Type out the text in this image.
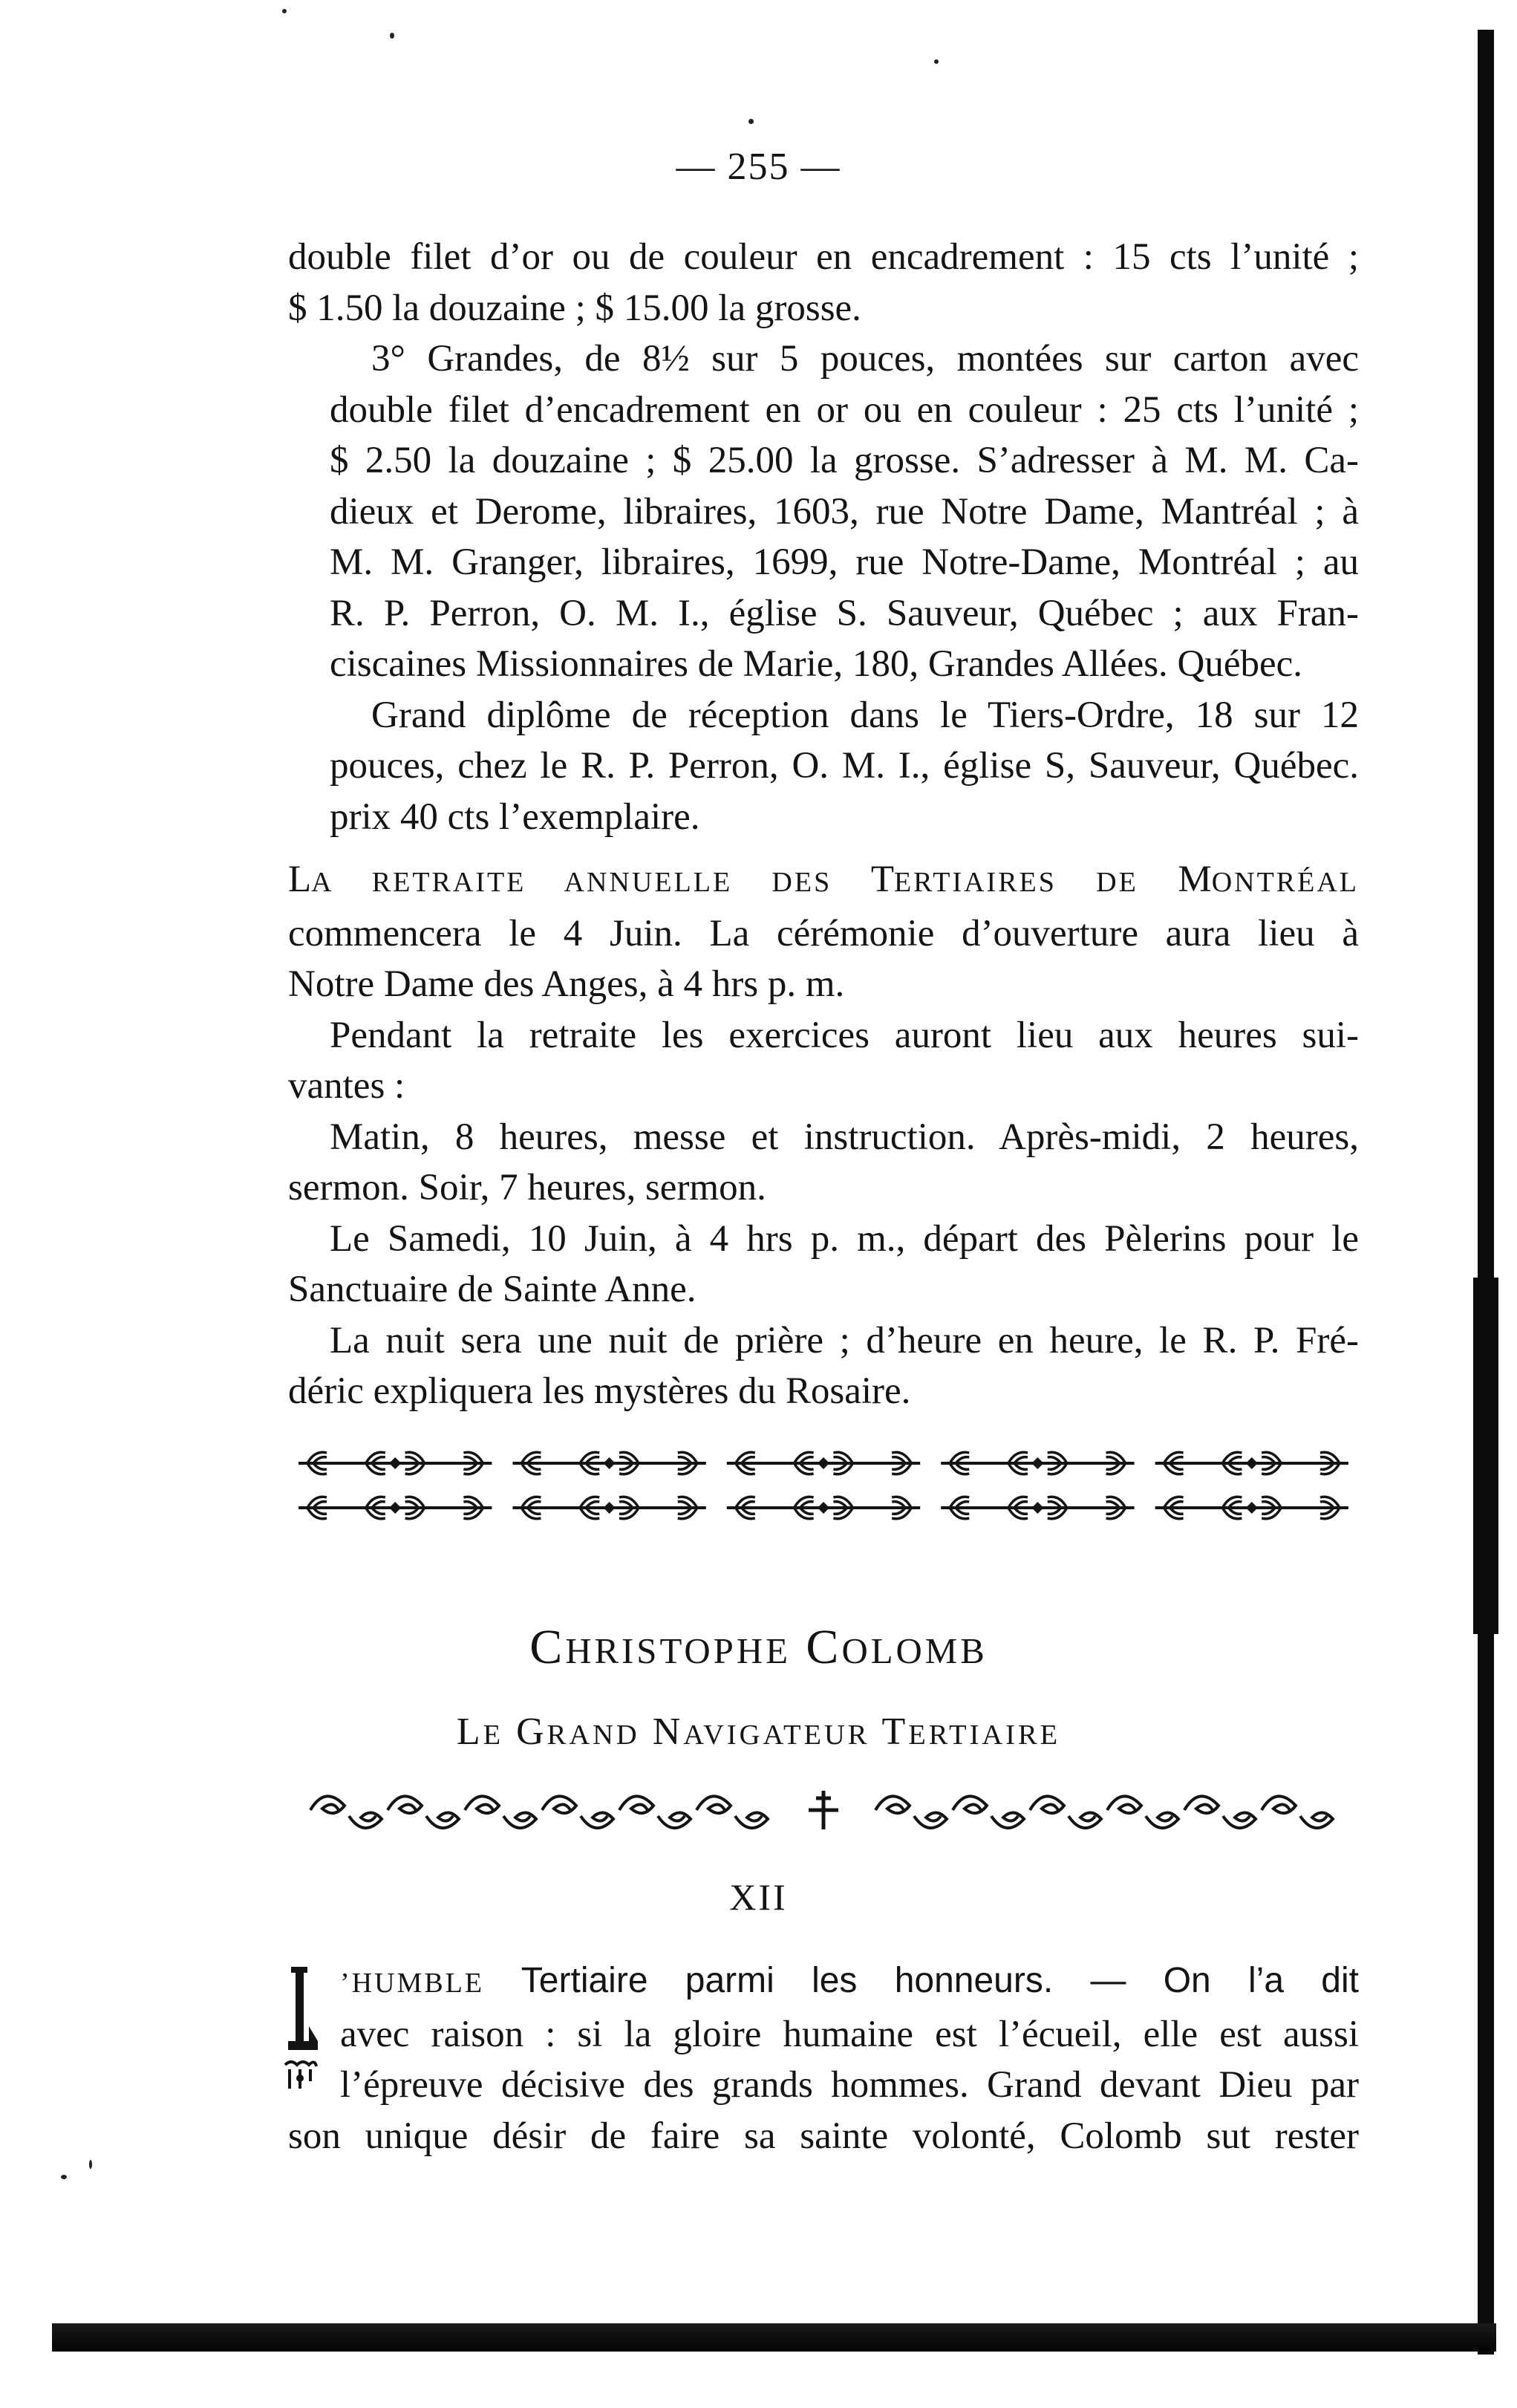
— 255 —

double filet d’or ou de couleur en encadrement : 15 cts l’unité ;
$ 1.50 la douzaine ; $ 15.00 la grosse.

3° Grandes, de 8½ sur 5 pouces, montées sur carton avec
double filet d’encadrement en or ou en couleur : 25 cts l’unité ;
$ 2.50 la douzaine ; $ 25.00 la grosse. S’adresser à M. M. Ca-
dieux et Derome, libraires, 1603, rue Notre Dame, Mantréal ; à
M. M. Granger, libraires, 1699, rue Notre-Dame, Montréal ; au
R. P. Perron, O. M. I., église S. Sauveur, Québec ; aux Fran-
ciscaines Missionnaires de Marie, 180, Grandes Allées. Québec.

Grand diplôme de réception dans le Tiers-Ordre, 18 sur 12
pouces, chez le R. P. Perron, O. M. I., église S, Sauveur, Québec.
prix 40 cts l’exemplaire.

LA RETRAITE ANNUELLE DES TERTIAIRES DE MONTRÉAL
commencera le 4 Juin. La cérémonie d’ouverture aura lieu à
Notre Dame des Anges, à 4 hrs p. m.

Pendant la retraite les exercices auront lieu aux heures sui-
vantes :

Matin, 8 heures, messe et instruction. Après-midi, 2 heures,
sermon. Soir, 7 heures, sermon.

Le Samedi, 10 Juin, à 4 hrs p. m., départ des Pèlerins pour le
Sanctuaire de Sainte Anne.

La nuit sera une nuit de prière ; d’heure en heure, le R. P. Fré-
déric expliquera les mystères du Rosaire.

CHRISTOPHE COLOMB
LE GRAND NAVIGATEUR TERTIAIRE
XII
’HUMBLE Tertiaire parmi les honneurs. — On l’a dit
avec raison : si la gloire humaine est l’écueil, elle est aussi
l’épreuve décisive des grands hommes. Grand devant Dieu par
son unique désir de faire sa sainte volonté, Colomb sut rester
